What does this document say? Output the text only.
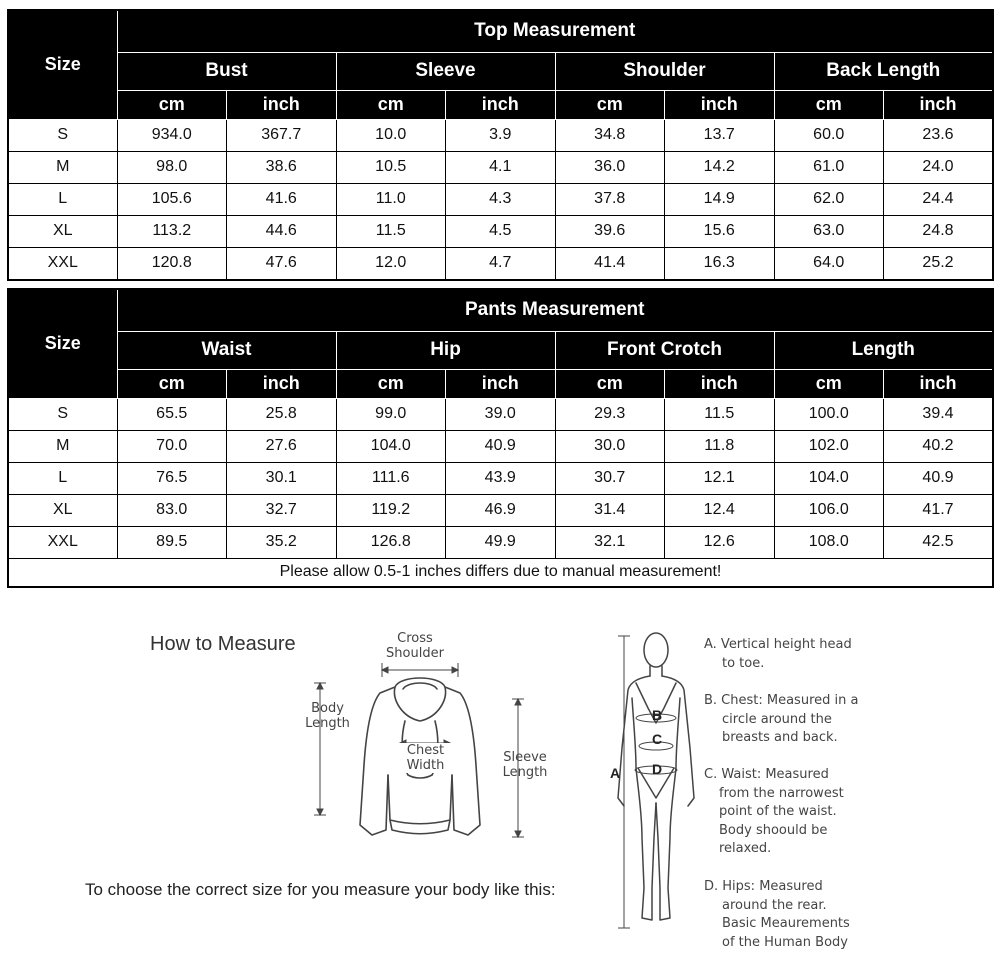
Size	Top Measurement							
	Bust		Sleeve		Shoulder		Back Length	
	cm	inch	cm	inch	cm	inch	cm	inch
S	934.0	367.7	10.0	3.9	34.8	13.7	60.0	23.6
M	98.0	38.6	10.5	4.1	36.0	14.2	61.0	24.0
L	105.6	41.6	11.0	4.3	37.8	14.9	62.0	24.4
XL	113.2	44.6	11.5	4.5	39.6	15.6	63.0	24.8
XXL	120.8	47.6	12.0	4.7	41.4	16.3	64.0	25.2
Size	Pants Measurement							
	Waist		Hip		Front Crotch		Length	
	cm	inch	cm	inch	cm	inch	cm	inch
S	65.5	25.8	99.0	39.0	29.3	11.5	100.0	39.4
M	70.0	27.6	104.0	40.9	30.0	11.8	102.0	40.2
L	76.5	30.1	111.6	43.9	30.7	12.1	104.0	40.9
XL	83.0	32.7	119.2	46.9	31.4	12.4	106.0	41.7
XXL	89.5	35.2	126.8	49.9	32.1	12.6	108.0	42.5
Please allow 0.5-1 inches differs due to manual measurement!								
How to Measure	Cross
Shoulder
Body
Length
Chest
Width
Sleeve
Length
To choose the correct size for you measure your body like this:
A
B
C
D
A. Vertical height head
to toe.
B. Chest: Measured in a
circle around the
breasts and back.
C. Waist: Measured
from the narrowest
point of the waist.
Body shoould be
relaxed.
D. Hips: Measured
around the rear.
Basic Meaurements
of the Human Body
